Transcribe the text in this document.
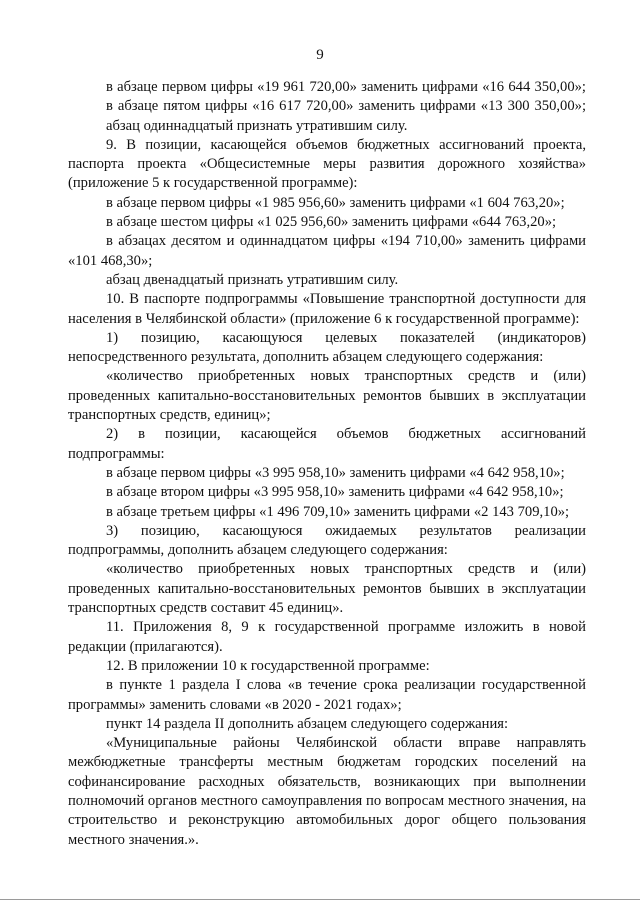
9

в абзаце первом цифры «19 961 720,00» заменить цифрами «16 644 350,00»;

в абзаце пятом цифры «16 617 720,00» заменить цифрами «13 300 350,00»;

абзац одиннадцатый признать утратившим силу.

9. В позиции, касающейся объемов бюджетных ассигнований проекта, паспорта проекта «Общесистемные меры развития дорожного хозяйства» (приложение 5 к государственной программе):

в абзаце первом цифры «1 985 956,60» заменить цифрами «1 604 763,20»;

в абзаце шестом цифры «1 025 956,60» заменить цифрами «644 763,20»;

в абзацах десятом и одиннадцатом цифры «194 710,00» заменить цифрами «101 468,30»;

абзац двенадцатый признать утратившим силу.

10. В паспорте подпрограммы «Повышение транспортной доступности для населения в Челябинской области» (приложение 6 к государственной программе):

1) позицию, касающуюся целевых показателей (индикаторов) непосредственного результата, дополнить абзацем следующего содержания:

«количество приобретенных новых транспортных средств и (или) проведенных капитально-восстановительных ремонтов бывших в эксплуатации транспортных средств, единиц»;

2) в позиции, касающейся объемов бюджетных ассигнований подпрограммы:

в абзаце первом цифры «3 995 958,10» заменить цифрами «4 642 958,10»;

в абзаце втором цифры «3 995 958,10» заменить цифрами «4 642 958,10»;

в абзаце третьем цифры «1 496 709,10» заменить цифрами «2 143 709,10»;

3) позицию, касающуюся ожидаемых результатов реализации подпрограммы, дополнить абзацем следующего содержания:

«количество приобретенных новых транспортных средств и (или) проведенных капитально-восстановительных ремонтов бывших в эксплуатации транспортных средств составит 45 единиц».

11. Приложения 8, 9 к государственной программе изложить в новой редакции (прилагаются).

12. В приложении 10 к государственной программе:

в пункте 1 раздела I слова «в течение срока реализации государственной программы» заменить словами «в 2020 - 2021 годах»;

пункт 14 раздела II дополнить абзацем следующего содержания:

«Муниципальные районы Челябинской области вправе направлять межбюджетные трансферты местным бюджетам городских поселений на софинансирование расходных обязательств, возникающих при выполнении полномочий органов местного самоуправления по вопросам местного значения, на строительство и реконструкцию автомобильных дорог общего пользования местного значения.».
